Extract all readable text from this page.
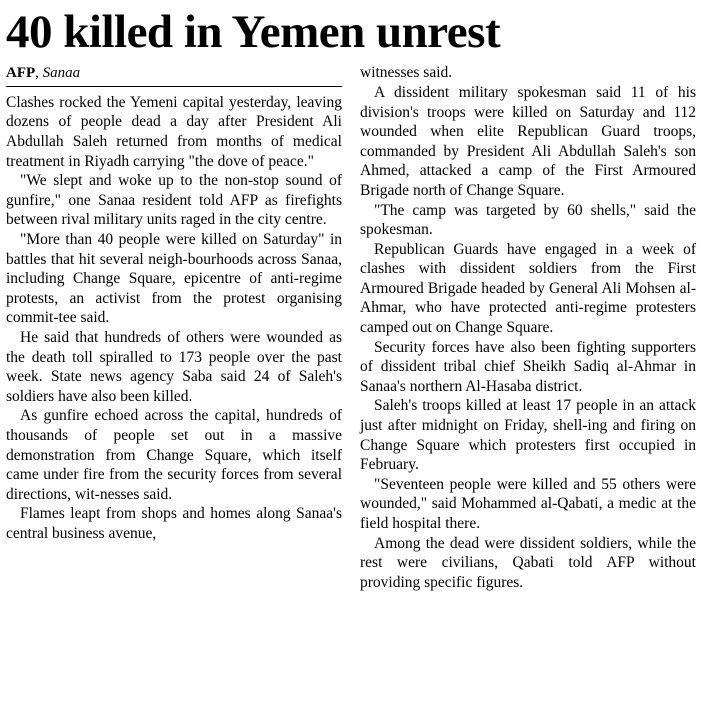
40 killed in Yemen unrest
AFP, Sanaa

Clashes rocked the Yemeni capital yesterday, leaving dozens of people dead a day after President Ali Abdullah Saleh returned from months of medical treatment in Riyadh carrying "the dove of peace."

"We slept and woke up to the non-stop sound of gunfire," one Sanaa resident told AFP as firefights between rival military units raged in the city centre.

"More than 40 people were killed on Saturday" in battles that hit several neigh-bourhoods across Sanaa, including Change Square, epicentre of anti-regime protests, an activist from the protest organising commit-tee said.

He said that hundreds of others were wounded as the death toll spiralled to 173 people over the past week. State news agency Saba said 24 of Saleh's soldiers have also been killed.

As gunfire echoed across the capital, hundreds of thousands of people set out in a massive demonstration from Change Square, which itself came under fire from the security forces from several directions, wit-nesses said.

Flames leapt from shops and homes along Sanaa's central business avenue,

witnesses said.

A dissident military spokesman said 11 of his division's troops were killed on Saturday and 112 wounded when elite Republican Guard troops, commanded by President Ali Abdullah Saleh's son Ahmed, attacked a camp of the First Armoured Brigade north of Change Square.

"The camp was targeted by 60 shells," said the spokesman.

Republican Guards have engaged in a week of clashes with dissident soldiers from the First Armoured Brigade headed by General Ali Mohsen al-Ahmar, who have protected anti-regime protesters camped out on Change Square.

Security forces have also been fighting supporters of dissident tribal chief Sheikh Sadiq al-Ahmar in Sanaa's northern Al-Hasaba district.

Saleh's troops killed at least 17 people in an attack just after midnight on Friday, shell-ing and firing on Change Square which protesters first occupied in February.

"Seventeen people were killed and 55 others were wounded," said Mohammed al-Qabati, a medic at the field hospital there.

Among the dead were dissident soldiers, while the rest were civilians, Qabati told AFP without providing specific figures.
